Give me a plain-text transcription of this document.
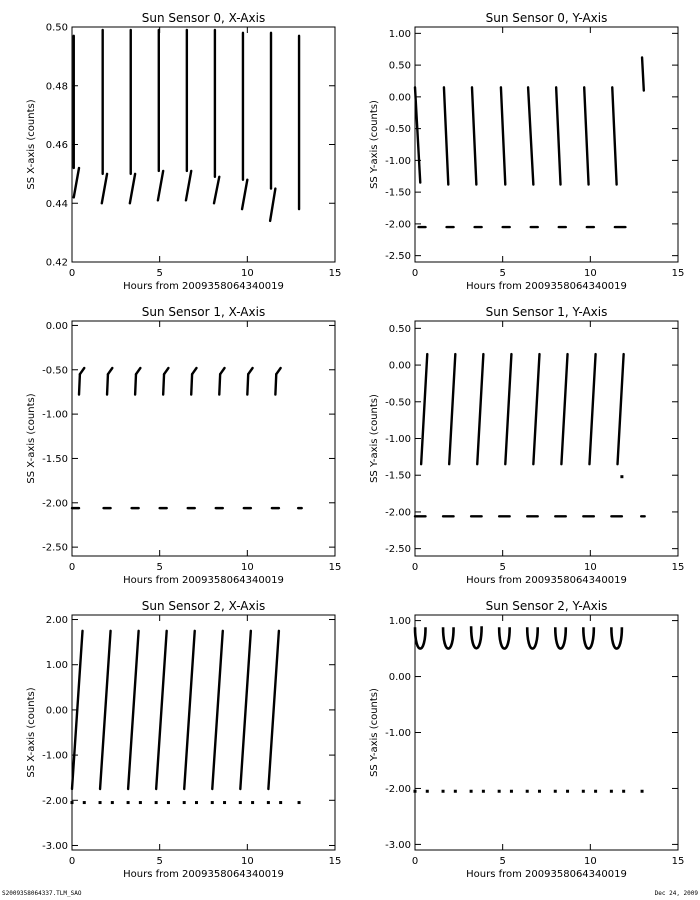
Sun Sensor 0, X-Axis
0	5	10	15
0.42
0.44
0.46
0.48
0.50
Hours from 2009358064340019
SS X-axis (counts)
Sun Sensor 0, Y-Axis
0	5	10	15
-2.50
-2.00
-1.50
-1.00
-0.50
0.00
0.50
1.00
Hours from 2009358064340019
SS Y-axis (counts)
Sun Sensor 1, X-Axis
0	5	10	15
-2.50
-2.00
-1.50
-1.00
-0.50
0.00
Hours from 2009358064340019
SS X-axis (counts)
Sun Sensor 1, Y-Axis
0	5	10	15
-2.50
-2.00
-1.50
-1.00
-0.50
0.00
0.50
Hours from 2009358064340019
SS Y-axis (counts)
Sun Sensor 2, X-Axis
0	5	10	15
-3.00
-2.00
-1.00
0.00
1.00
2.00
Hours from 2009358064340019
SS X-axis (counts)
Sun Sensor 2, Y-Axis
0	5	10	15
-3.00
-2.00
-1.00
0.00
1.00
Hours from 2009358064340019
SS Y-axis (counts)
S2009358064337.TLM_SAO	Dec 24, 2009
